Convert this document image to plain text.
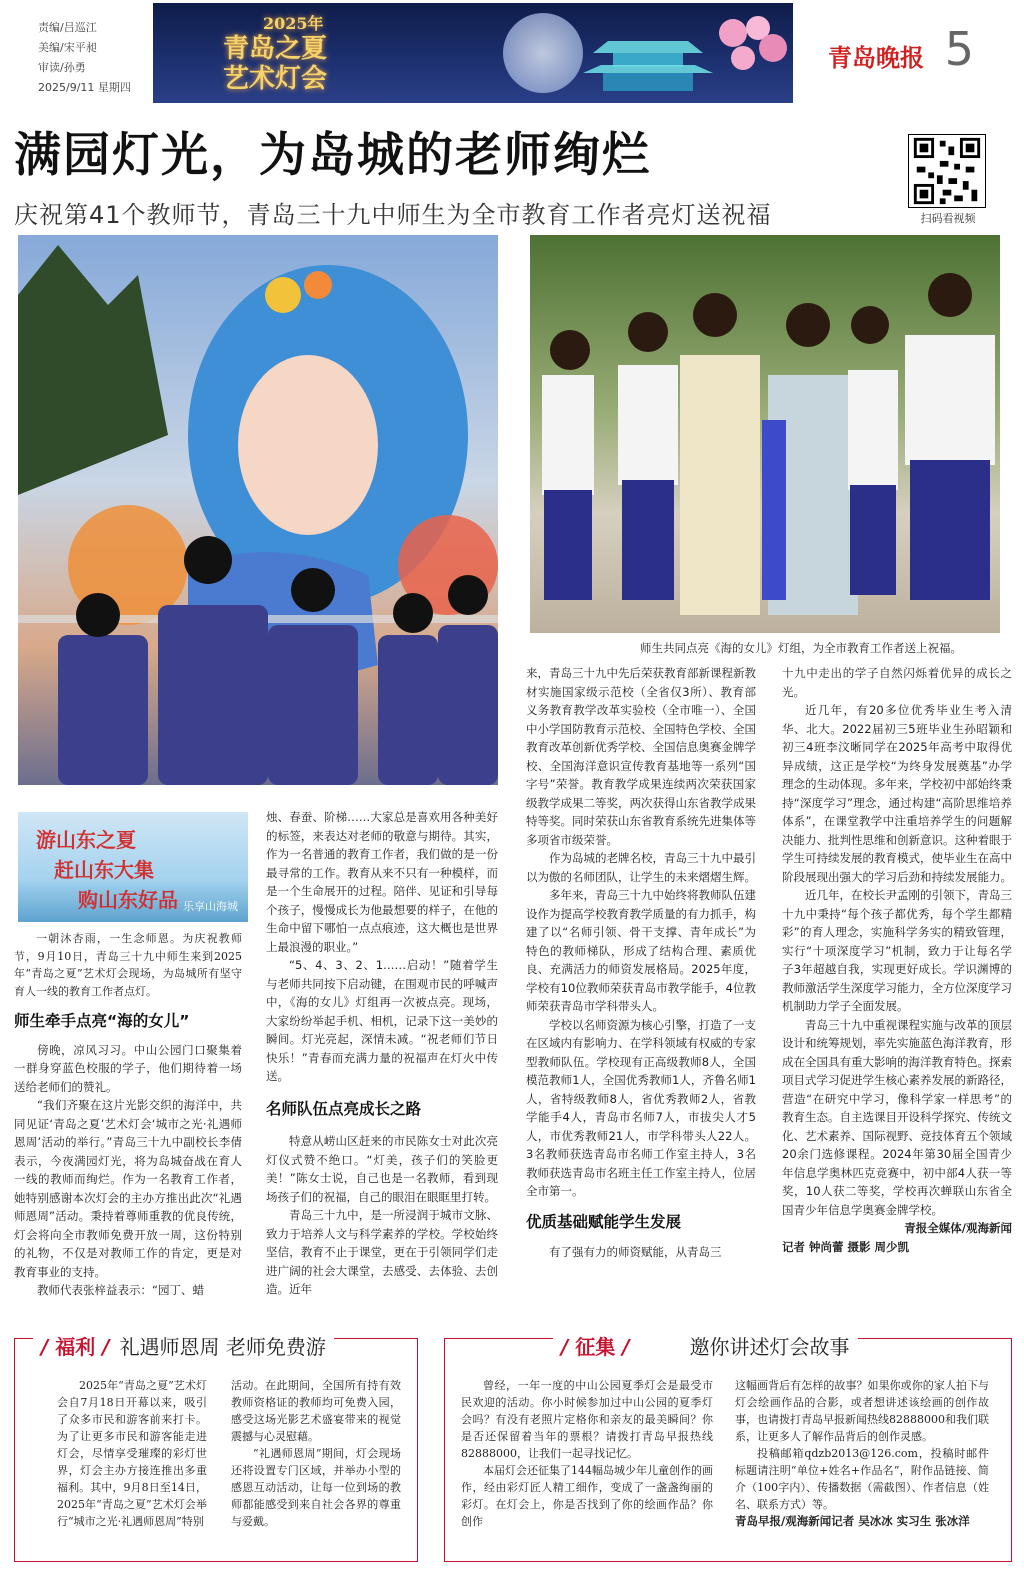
责编/吕巡江
美编/宋平昶
审读/孙勇
2025/9/11 星期四
2025年
青岛之夏
艺术灯会
青岛晚报 5
满园灯光，为岛城的老师绚烂
庆祝第41个教师节，青岛三十九中师生为全市教育工作者亮灯送祝福	扫码看视频
师生共同点亮《海的女儿》灯组，为全市教育工作者送上祝福。
游山东之夏
赶山东大集
购山东好品 乐享山海城

一朝沐杏雨，一生念师恩。为庆祝教师节，9月10日，青岛三十九中师生来到2025年“青岛之夏”艺术灯会现场，为岛城所有坚守育人一线的教育工作者点灯。

师生牵手点亮“海的女儿”

傍晚，凉风习习。中山公园门口聚集着一群身穿蓝色校服的学子，他们期待着一场送给老师们的赞礼。

“我们齐聚在这片光影交织的海洋中，共同见证‘青岛之夏’艺术灯会‘城市之光·礼遇师恩周’活动的举行。”青岛三十九中副校长李倩表示，今夜满园灯光，将为岛城奋战在育人一线的教师而绚烂。作为一名教育工作者，她特别感谢本次灯会的主办方推出此次“礼遇师恩周”活动。秉持着尊师重教的优良传统，灯会将向全市教师免费开放一周，这份特别的礼物，不仅是对教师工作的肯定，更是对教育事业的支持。

教师代表张梓益表示：“园丁、蜡

烛、春蚕、阶梯……大家总是喜欢用各种美好的标签，来表达对老师的敬意与期待。其实，作为一名普通的教育工作者，我们做的是一份最寻常的工作。教育从来不只有一种模样，而是一个生命展开的过程。陪伴、见证和引导每个孩子，慢慢成长为他最想要的样子，在他的生命中留下哪怕一点点痕迹，这大概也是世界上最浪漫的职业。”

“5、4、3、2、1……启动！”随着学生与老师共同按下启动键，在围观市民的呼喊声中，《海的女儿》灯组再一次被点亮。现场，大家纷纷举起手机、相机，记录下这一美妙的瞬间。灯光亮起，深情未减。“祝老师们节日快乐！”青春而充满力量的祝福声在灯火中传送。

名师队伍点亮成长之路

特意从崂山区赶来的市民陈女士对此次亮灯仪式赞不绝口。“灯美，孩子们的笑脸更美！”陈女士说，自己也是一名教师，看到现场孩子们的祝福，自己的眼泪在眼眶里打转。

青岛三十九中，是一所浸润于城市文脉、致力于培养人文与科学素养的学校。学校始终坚信，教育不止于课堂，更在于引领同学们走进广阔的社会大课堂，去感受、去体验、去创造。近年

来，青岛三十九中先后荣获教育部新课程新教材实施国家级示范校（全省仅3所）、教育部义务教育教学改革实验校（全市唯一）、全国中小学国防教育示范校、全国特色学校、全国教育改革创新优秀学校、全国信息奥赛金牌学校、全国海洋意识宣传教育基地等一系列“国字号”荣誉。教育教学成果连续两次荣获国家级教学成果二等奖，两次获得山东省教学成果特等奖。同时荣获山东省教育系统先进集体等多项省市级荣誉。

作为岛城的老牌名校，青岛三十九中最引以为傲的名师团队，让学生的未来熠熠生辉。

多年来，青岛三十九中始终将教师队伍建设作为提高学校教育教学质量的有力抓手，构建了以“名师引领、骨干支撑、青年成长”为特色的教师梯队，形成了结构合理、素质优良、充满活力的师资发展格局。2025年度，学校有10位教师荣获青岛市教学能手，4位教师荣获青岛市学科带头人。

学校以名师资源为核心引擎，打造了一支在区域内有影响力、在学科领域有权威的专家型教师队伍。学校现有正高级教师8人，全国模范教师1人，全国优秀教师1人，齐鲁名师1人，省特级教师8人，省优秀教师2人，省教学能手4人，青岛市名师7人，市拔尖人才5人，市优秀教师21人，市学科带头人22人。3名教师获选青岛市名师工作室主持人，3名教师获选青岛市名班主任工作室主持人，位居全市第一。

优质基础赋能学生发展

有了强有力的师资赋能，从青岛三

十九中走出的学子自然闪烁着优异的成长之光。

近几年，有20多位优秀毕业生考入清华、北大。2022届初三5班毕业生孙昭颖和初三4班李汶晰同学在2025年高考中取得优异成绩，这正是学校“为终身发展奠基”办学理念的生动体现。多年来，学校初中部始终秉持“深度学习”理念，通过构建“高阶思维培养体系”，在课堂教学中注重培养学生的问题解决能力、批判性思维和创新意识。这种着眼于学生可持续发展的教育模式，使毕业生在高中阶段展现出强大的学习后劲和持续发展能力。

近几年，在校长尹孟刚的引领下，青岛三十九中秉持“每个孩子都优秀，每个学生都精彩”的育人理念，实施科学务实的精致管理，实行“十项深度学习”机制，致力于让每名学子3年超越自我，实现更好成长。学识渊博的教师激活学生深度学习能力，全方位深度学习机制助力学子全面发展。

青岛三十九中重视课程实施与改革的顶层设计和统筹规划，率先实施蓝色海洋教育，形成在全国具有重大影响的海洋教育特色。探索项目式学习促进学生核心素养发展的新路径，营造“在研究中学习，像科学家一样思考”的教育生态。自主选课目开设科学探究、传统文化、艺术素养、国际视野、竞技体育五个领域20余门选修课程。2024年第30届全国青少年信息学奥林匹克竞赛中，初中部4人获一等奖，10人获二等奖，学校再次蝉联山东省全国青少年信息学奥赛金牌学校。

青报全媒体/观海新闻
记者 钟尚蕾 摄影 周少凯
/ 福利 / 礼遇师恩周 老师免费游

2025年“青岛之夏”艺术灯会自7月18日开幕以来，吸引了众多市民和游客前来打卡。为了让更多市民和游客能走进灯会，尽情享受璀璨的彩灯世界，灯会主办方接连推出多重福利。其中，9月8日至14日，2025年“青岛之夏”艺术灯会举行“城市之光·礼遇师恩周”特别

活动。在此期间，全国所有持有效教师资格证的教师均可免费入园，感受这场光影艺术盛宴带来的视觉震撼与心灵慰藉。

“礼遇师恩周”期间，灯会现场还将设置专门区域，并举办小型的感恩互动活动，让每一位到场的教师都能感受到来自社会各界的尊重与爱戴。

/ 征集 /	邀你讲述灯会故事

曾经，一年一度的中山公园夏季灯会是最受市民欢迎的活动。你小时候参加过中山公园的夏季灯会吗？有没有老照片定格你和亲友的最美瞬间？你是否还保留着当年的票根？请拨打青岛早报热线82888000，让我们一起寻找记忆。

本届灯会还征集了144幅岛城少年儿童创作的画作，经由彩灯匠人精工细作，变成了一盏盏绚丽的彩灯。在灯会上，你是否找到了你的绘画作品？你创作

这幅画背后有怎样的故事？如果你或你的家人拍下与灯会绘画作品的合影，或者想讲述该绘画的创作故事，也请拨打青岛早报新闻热线82888000和我们联系，让更多人了解作品背后的创作灵感。

投稿邮箱qdzb2013@126.com，投稿时邮件标题请注明“单位+姓名+作品名”，附作品链接、简介（100字内）、传播数据（需截图）、作者信息（姓名、联系方式）等。

青岛早报/观海新闻记者 吴冰冰 实习生 张冰洋
